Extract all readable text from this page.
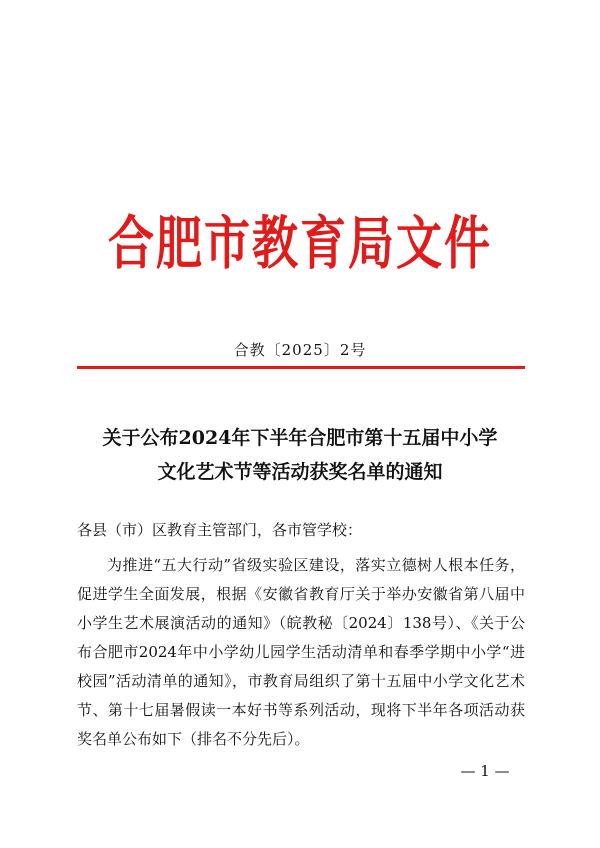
合肥市教育局文件
合教〔2025〕2号
关于公布2024年下半年合肥市第十五届中小学
文化艺术节等活动获奖名单的通知
各县（市）区教育主管部门，各市管学校：
为推进“五大行动”省级实验区建设，落实立德树人根本任务，促进学生全面发展，根据《安徽省教育厅关于举办安徽省第八届中小学生艺术展演活动的通知》（皖教秘〔2024〕138号）、《关于公布合肥市2024年中小学幼儿园学生活动清单和春季学期中小学“进校园”活动清单的通知》，市教育局组织了第十五届中小学文化艺术节、第十七届暑假读一本好书等系列活动，现将下半年各项活动获奖名单公布如下（排名不分先后）。
— 1 —
